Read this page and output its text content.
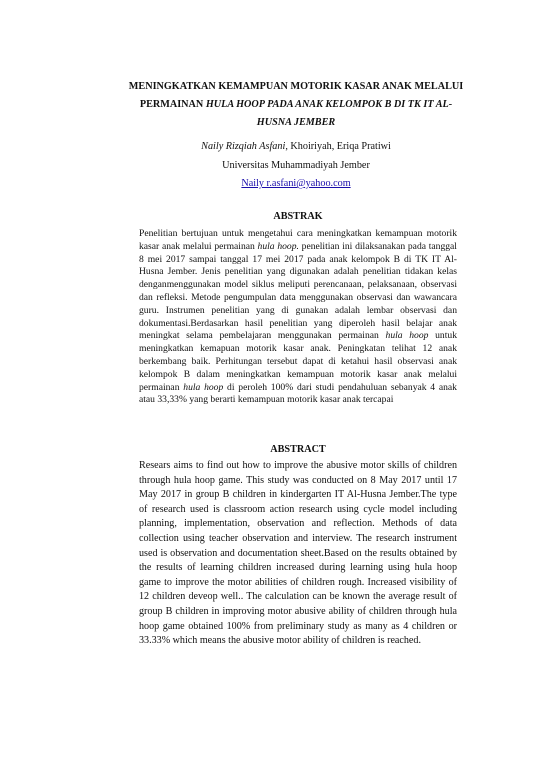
MENINGKATKAN KEMAMPUAN MOTORIK KASAR ANAK MELALUI
PERMAINAN HULA HOOP PADA ANAK KELOMPOK B DI TK IT AL-
HUSNA JEMBER
Naily Rizqiah Asfani, Khoiriyah, Eriqa Pratiwi
Universitas Muhammadiyah Jember
Naily r.asfani@yahoo.com
ABSTRAK
Penelitian bertujuan untuk mengetahui cara meningkatkan kemampuan motorik kasar anak melalui permainan hula hoop. penelitian ini dilaksanakan pada tanggal 8 mei 2017 sampai tanggal 17 mei 2017 pada anak kelompok B di TK IT Al-Husna Jember. Jenis penelitian yang digunakan adalah penelitian tidakan kelas denganmenggunakan model siklus meliputi perencanaan, pelaksanaan, observasi dan refleksi. Metode pengumpulan data menggunakan observasi dan wawancara guru. Instrumen penelitian yang di gunakan adalah lembar observasi dan dokumentasi.Berdasarkan hasil penelitian yang diperoleh hasil belajar anak meningkat selama pembelajaran menggunakan permainan hula hoop untuk meningkatkan kemapuan motorik kasar anak. Peningkatan telihat 12 anak berkembang baik. Perhitungan tersebut dapat di ketahui hasil observasi anak kelompok B dalam meningkatkan kemampuan motorik kasar anak melalui permainan hula hoop di peroleh 100% dari studi pendahuluan sebanyak 4 anak atau 33,33% yang berarti kemampuan motorik kasar anak tercapai
ABSTRACT
Resears aims to find out how to improve the abusive motor skills of children through hula hoop game. This study was conducted on 8 May 2017 until 17 May 2017 in group B children in kindergarten IT Al-Husna Jember.The type of research used is classroom action research using cycle model including planning, implementation, observation and reflection. Methods of data collection using teacher observation and interview. The research instrument used is observation and documentation sheet.Based on the results obtained by the results of learning children increased during learning using hula hoop game to improve the motor abilities of children rough. Increased visibility of 12 children deveop well.. The calculation can be known the average result of group B children in improving motor abusive ability of children through hula hoop game obtained 100% from preliminary study as many as 4 children or 33.33% which means the abusive motor ability of children is reached.
